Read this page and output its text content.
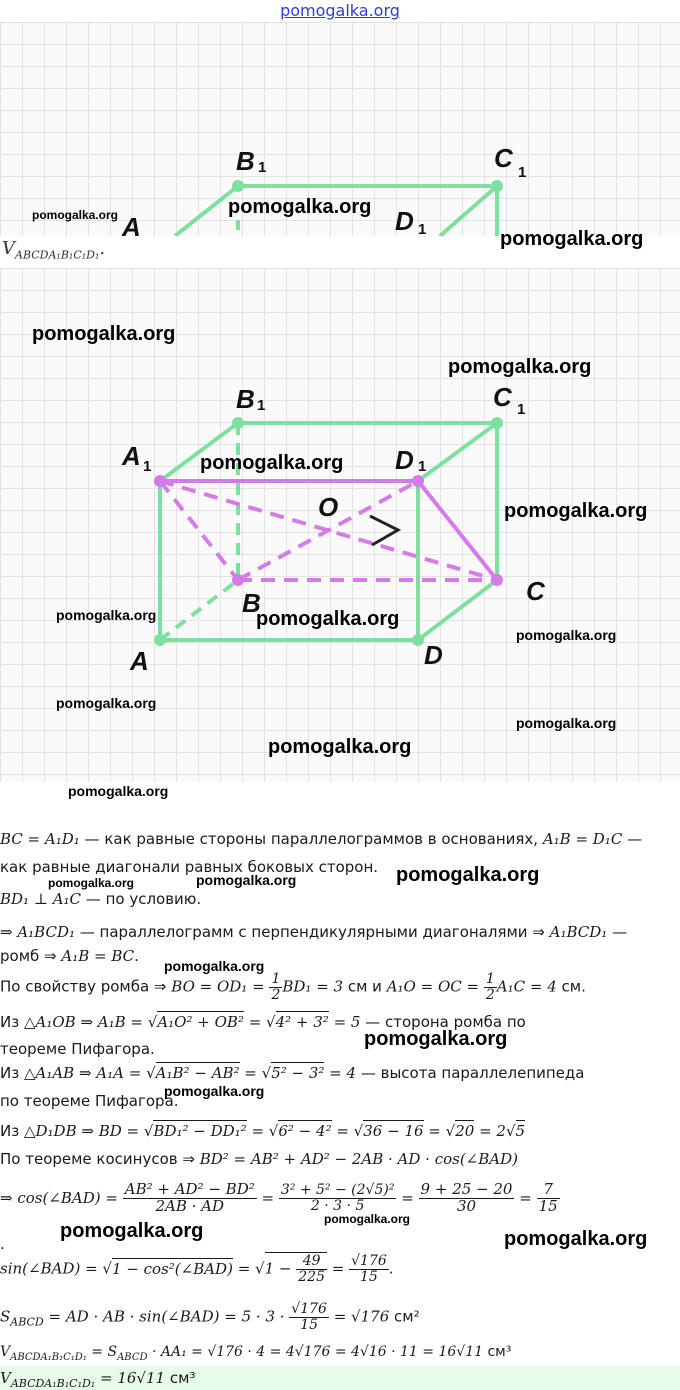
pomogalka.org
B 1	C 1
D 1
A
$V_{ABCDA_1B_1C_1D_1}$.
B 1	C 1
A 1	D 1
O
B	C
A	D
pomogalka.org	pomogalka.org
pomogalka.org
pomogalka.org
pomogalka.org
pomogalka.org
pomogalka.org
pomogalka.org	pomogalka.org
pomogalka.org
pomogalka.org
pomogalka.org
pomogalka.org
pomogalka.org
pomogalka.org	pomogalka.org	pomogalka.org
pomogalka.org
pomogalka.org
pomogalka.org
pomogalka.org
pomogalka.org
pomogalka.org
BC = A₁D₁ — как равные стороны параллелограммов в основаниях, A₁B = D₁C —
как равные диагонали равных боковых сторон.
BD₁ ⊥ A₁C — по условию.
⇒ A₁BCD₁ — параллелограмм с перпендикулярными диагоналями ⇒ A₁BCD₁ —
ромб ⇒ A₁B = BC.
По свойству ромба ⇒ BO = $OD_1 = \frac{1}{2} BD_1 = 3$ см и A₁O = OC = $\frac{1}{2} A_1C = 4$ см.
Из △A₁OB ⇒ A₁B = √A₁O² + OB² = √4² + 3² = 5 — сторона ромба по
теореме Пифагора.
Из △A₁AB ⇒ A₁A = √A₁B² − AB² = √5² − 3² = 4 — высота параллелепипеда
по теореме Пифагора.
Из △D₁DB ⇒ BD = √BD₁² − DD₁² = √6² − 4² = √36 − 16 = √20 = 2√5
По теореме косинусов ⇒ BD² = AB² + AD² − 2AB · AD · cos(∠BAD)
⇒ cos(∠BAD) = $\frac{\text{AB² + AD² − BD²}}{2AB \cdot AD} = \frac{\text{3² + 5² − (2√5)²}}{2 \cdot 3 \cdot 5} = \frac{9 + 25 - 20}{30} = \frac{7}{15}$
.
sin(∠BAD) = √1 − cos²(∠BAD) = $√1 - \frac{49}{225} = \frac{√176}{15}$ .
$S_{ABCD}$ = AD · AB · sin(∠BAD) = $5 \cdot 3 \cdot \frac{√176}{15} = √176$ см²
$V_{ABCDA_1B_1C_1D_1} = S_{ABCD} \cdot AA_1 = √176 \cdot 4 = 4√176 = 4√16 \cdot 11 = 16√11$ см³
$V_{ABCDA_1B_1C_1D_1} = 16√11$ см³
